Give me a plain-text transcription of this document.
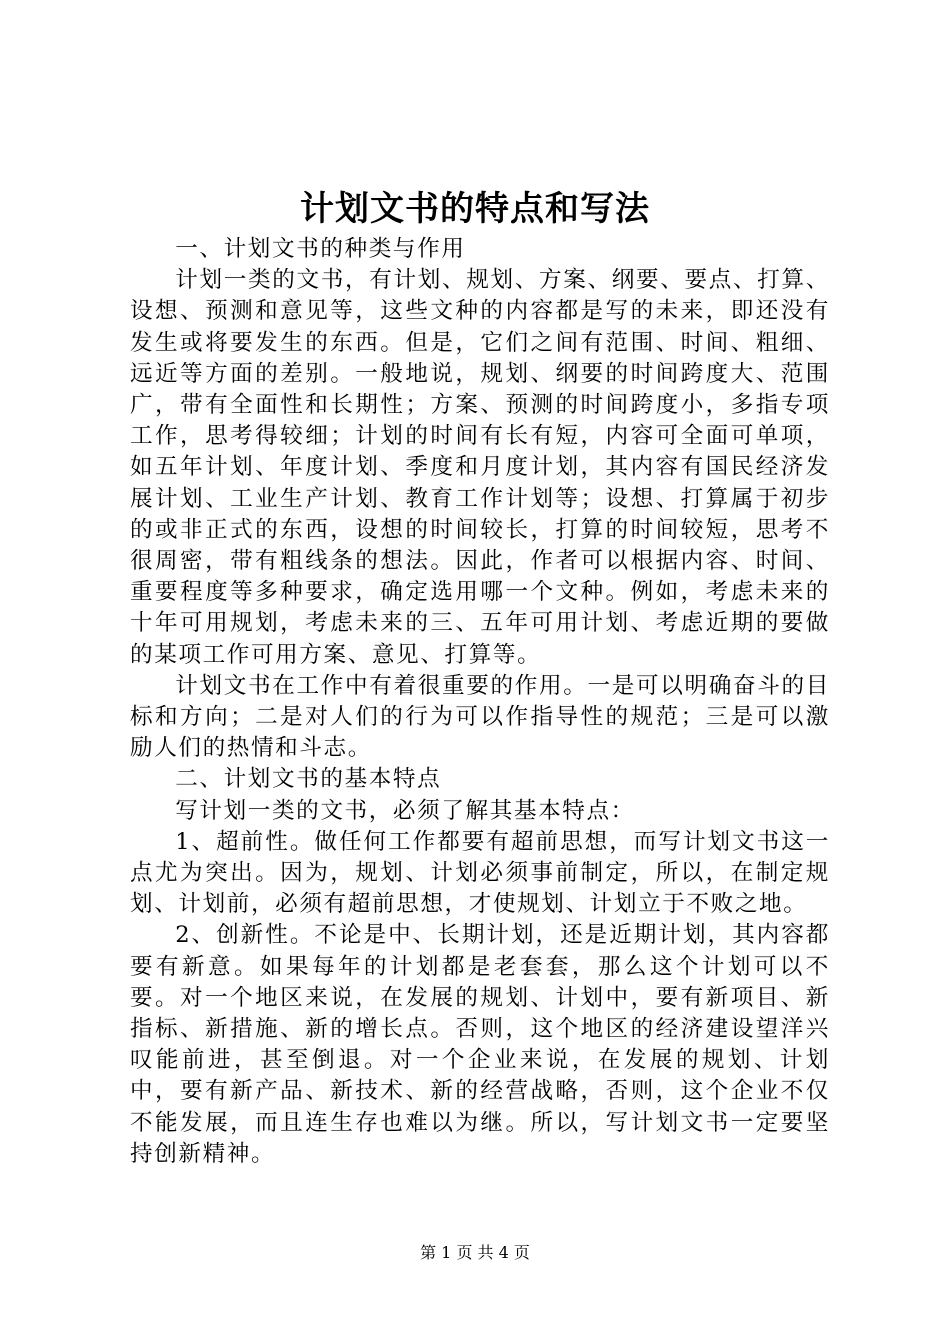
计划文书的特点和写法

一、计划文书的种类与作用

计划一类的文书，有计划、规划、方案、纲要、要点、打算、设想、预测和意见等，这些文种的内容都是写的未来，即还没有发生或将要发生的东西。但是，它们之间有范围、时间、粗细、远近等方面的差别。一般地说，规划、纲要的时间跨度大、范围广，带有全面性和长期性；方案、预测的时间跨度小，多指专项工作，思考得较细；计划的时间有长有短，内容可全面可单项，如五年计划、年度计划、季度和月度计划，其内容有国民经济发展计划、工业生产计划、教育工作计划等；设想、打算属于初步的或非正式的东西，设想的时间较长，打算的时间较短，思考不很周密，带有粗线条的想法。因此，作者可以根据内容、时间、重要程度等多种要求，确定选用哪一个文种。例如，考虑未来的十年可用规划，考虑未来的三、五年可用计划、考虑近期的要做的某项工作可用方案、意见、打算等。

计划文书在工作中有着很重要的作用。一是可以明确奋斗的目标和方向；二是对人们的行为可以作指导性的规范；三是可以激励人们的热情和斗志。

二、计划文书的基本特点

写计划一类的文书，必须了解其基本特点：

1、超前性。做任何工作都要有超前思想，而写计划文书这一点尤为突出。因为，规划、计划必须事前制定，所以，在制定规划、计划前，必须有超前思想，才使规划、计划立于不败之地。

2、创新性。不论是中、长期计划，还是近期计划，其内容都要有新意。如果每年的计划都是老套套，那么这个计划可以不要。对一个地区来说，在发展的规划、计划中，要有新项目、新指标、新措施、新的增长点。否则，这个地区的经济建设望洋兴叹能前进，甚至倒退。对一个企业来说，在发展的规划、计划中，要有新产品、新技术、新的经营战略，否则，这个企业不仅不能发展，而且连生存也难以为继。所以，写计划文书一定要坚持创新精神。

第 1 页 共 4 页
